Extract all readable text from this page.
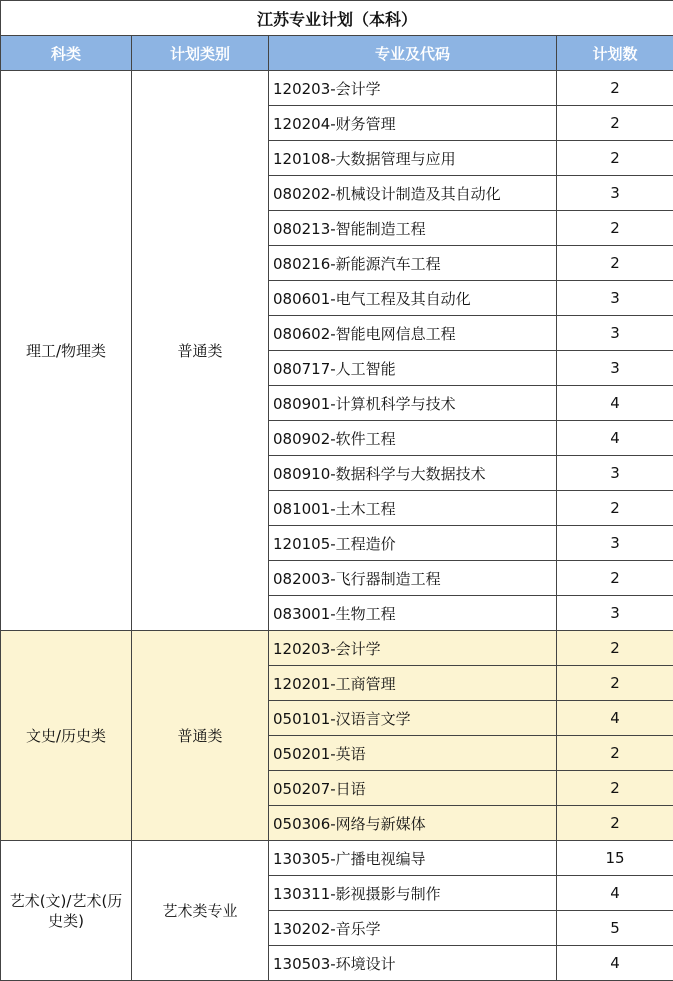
江苏专业计划（本科）			
科类	计划类别	专业及代码	计划数
理工/物理类	普通类	120203-会计学	2
		120204-财务管理	2
		120108-大数据管理与应用	2
		080202-机械设计制造及其自动化	3
		080213-智能制造工程	2
		080216-新能源汽车工程	2
		080601-电气工程及其自动化	3
		080602-智能电网信息工程	3
		080717-人工智能	3
		080901-计算机科学与技术	4
		080902-软件工程	4
		080910-数据科学与大数据技术	3
		081001-土木工程	2
		120105-工程造价	3
		082003-飞行器制造工程	2
		083001-生物工程	3
文史/历史类	普通类	120203-会计学	2
		120201-工商管理	2
		050101-汉语言文学	4
		050201-英语	2
		050207-日语	2
		050306-网络与新媒体	2
艺术(文)/艺术(历史类)	艺术类专业	130305-广播电视编导	15
		130311-影视摄影与制作	4
		130202-音乐学	5
		130503-环境设计	4
